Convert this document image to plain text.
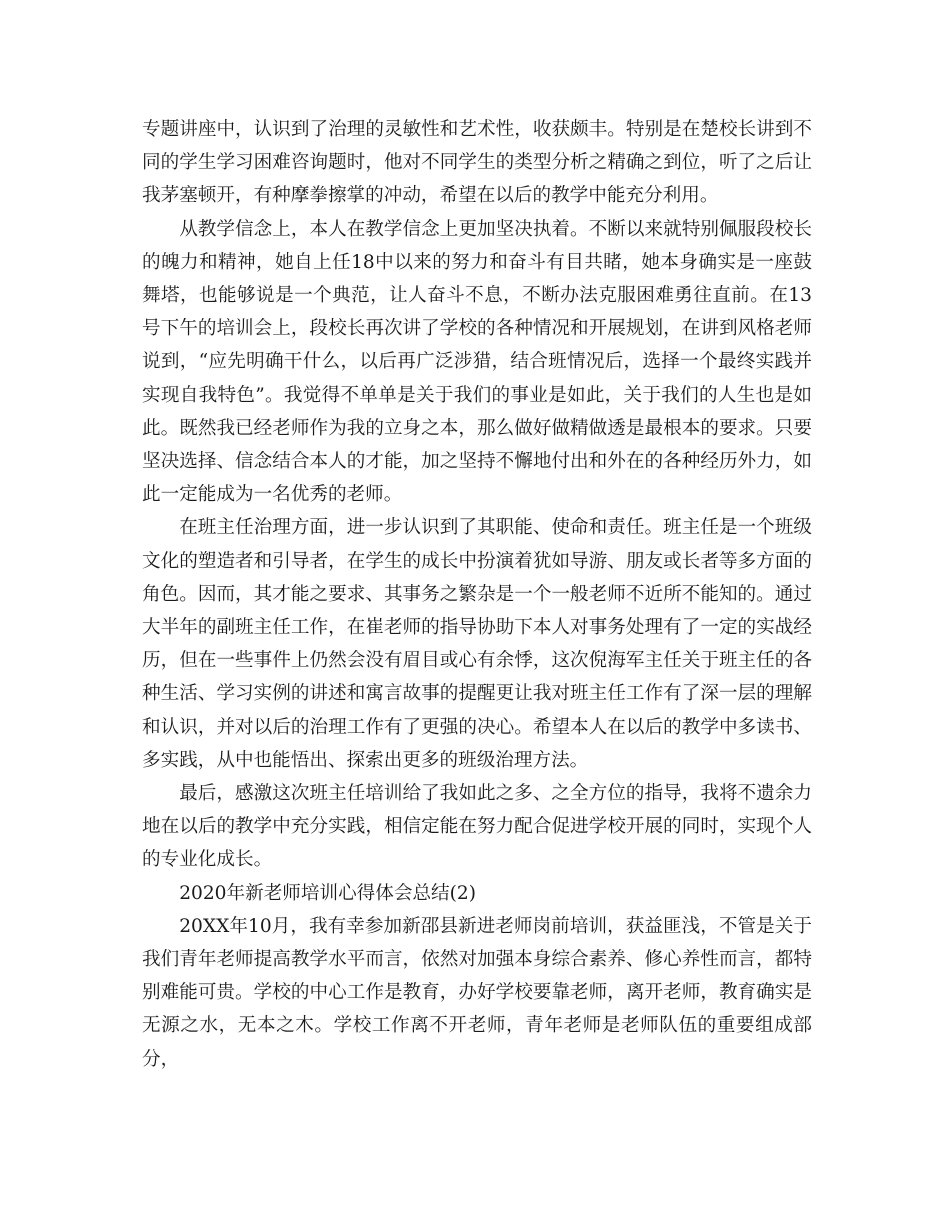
专题讲座中，认识到了治理的灵敏性和艺术性，收获颇丰。特别是在楚校长讲到不同的学生学习困难咨询题时，他对不同学生的类型分析之精确之到位，听了之后让我茅塞顿开，有种摩拳擦掌的冲动，希望在以后的教学中能充分利用。

从教学信念上，本人在教学信念上更加坚决执着。不断以来就特别佩服段校长的魄力和精神，她自上任18中以来的努力和奋斗有目共睹，她本身确实是一座鼓舞塔，也能够说是一个典范，让人奋斗不息，不断办法克服困难勇往直前。在13号下午的培训会上，段校长再次讲了学校的各种情况和开展规划，在讲到风格老师说到，“应先明确干什么，以后再广泛涉猎，结合班情况后，选择一个最终实践并实现自我特色”。我觉得不单单是关于我们的事业是如此，关于我们的人生也是如此。既然我已经老师作为我的立身之本，那么做好做精做透是最根本的要求。只要坚决选择、信念结合本人的才能，加之坚持不懈地付出和外在的各种经历外力，如此一定能成为一名优秀的老师。

在班主任治理方面，进一步认识到了其职能、使命和责任。班主任是一个班级文化的塑造者和引导者，在学生的成长中扮演着犹如导游、朋友或长者等多方面的角色。因而，其才能之要求、其事务之繁杂是一个一般老师不近所不能知的。通过大半年的副班主任工作，在崔老师的指导协助下本人对事务处理有了一定的实战经历，但在一些事件上仍然会没有眉目或心有余悸，这次倪海军主任关于班主任的各种生活、学习实例的讲述和寓言故事的提醒更让我对班主任工作有了深一层的理解和认识，并对以后的治理工作有了更强的决心。希望本人在以后的教学中多读书、多实践，从中也能悟出、探索出更多的班级治理方法。

最后，感激这次班主任培训给了我如此之多、之全方位的指导，我将不遗余力地在以后的教学中充分实践，相信定能在努力配合促进学校开展的同时，实现个人的专业化成长。

2020年新老师培训心得体会总结(2)

20XX年10月，我有幸参加新邵县新进老师岗前培训，获益匪浅，不管是关于我们青年老师提高教学水平而言，依然对加强本身综合素养、修心养性而言，都特别难能可贵。学校的中心工作是教育，办好学校要靠老师，离开老师，教育确实是无源之水，无本之木。学校工作离不开老师，青年老师是老师队伍的重要组成部分，
